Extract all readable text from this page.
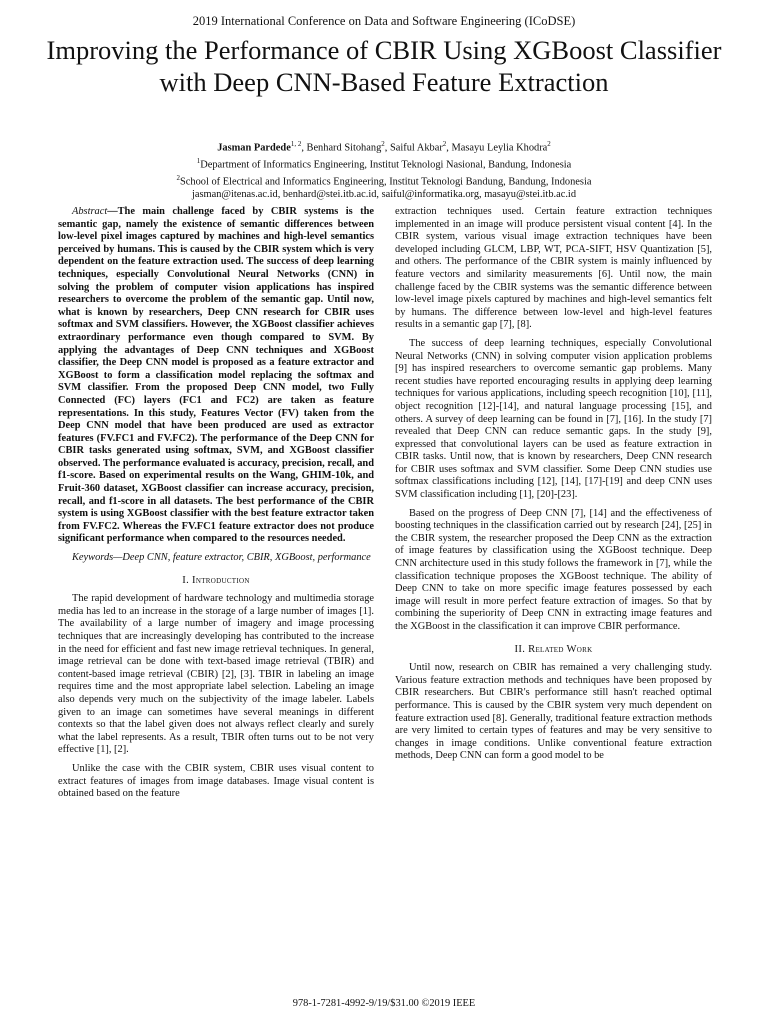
2019 International Conference on Data and Software Engineering (ICoDSE)
Improving the Performance of CBIR Using XGBoost Classifier with Deep CNN-Based Feature Extraction
Jasman Pardede$^{1, 2}$, Benhard Sitohang$^2$, Saiful Akbar$^2$, Masayu Leylia Khodra$^2$
$^1$Department of Informatics Engineering, Institut Teknologi Nasional, Bandung, Indonesia
$^2$School of Electrical and Informatics Engineering, Institut Teknologi Bandung, Bandung, Indonesia
jasman@itenas.ac.id, benhard@stei.itb.ac.id, saiful@informatika.org, masayu@stei.itb.ac.id

Abstract—The main challenge faced by CBIR systems is the semantic gap, namely the existence of semantic differences between low-level pixel images captured by machines and high-level semantics perceived by humans. This is caused by the CBIR system which is very dependent on the feature extraction used. The success of deep learning techniques, especially Convolutional Neural Networks (CNN) in solving the problem of computer vision applications has inspired researchers to overcome the problem of the semantic gap. Until now, what is known by researchers, Deep CNN research for CBIR uses softmax and SVM classifiers. However, the XGBoost classifier achieves extraordinary performance even though compared to SVM. By applying the advantages of Deep CNN techniques and XGBoost classifier, the Deep CNN model is proposed as a feature extractor and XGBoost to form a classification model replacing the softmax and SVM classifier. From the proposed Deep CNN model, two Fully Connected (FC) layers (FC1 and FC2) are taken as feature representations. In this study, Features Vector (FV) taken from the Deep CNN model that have been produced are used as extractor features (FV.FC1 and FV.FC2). The performance of the Deep CNN for CBIR tasks generated using softmax, SVM, and XGBoost classifier observed. The performance evaluated is accuracy, precision, recall, and f1-score. Based on experimental results on the Wang, GHIM-10k, and Fruit-360 dataset, XGBoost classifier can increase accuracy, precision, recall, and f1-score in all datasets. The best performance of the CBIR system is using XGBoost classifier with the best feature extractor taken from FV.FC2. Whereas the FV.FC1 feature extractor does not produce significant performance when compared to the resources needed.

Keywords—Deep CNN, feature extractor, CBIR, XGBoost, performance

I. Introduction

The rapid development of hardware technology and multimedia storage media has led to an increase in the storage of a large number of images [1]. The availability of a large number of imagery and image processing techniques that are increasingly developing has contributed to the increase in the need for efficient and fast new image retrieval techniques. In general, image retrieval can be done with text-based image retrieval (TBIR) and content-based image retrieval (CBIR) [2], [3]. TBIR in labeling an image requires time and the most appropriate label selection. Labeling an image also depends very much on the subjectivity of the image labeler. Labels given to an image can sometimes have several meanings in different contexts so that the label given does not always reflect clearly and surely what the label represents. As a result, TBIR often turns out to be not very effective [1], [2].

Unlike the case with the CBIR system, CBIR uses visual content to extract features of images from image databases. Image visual content is obtained based on the feature

extraction techniques used. Certain feature extraction techniques implemented in an image will produce persistent visual content [4]. In the CBIR system, various visual image extraction techniques have been developed including GLCM, LBP, WT, PCA-SIFT, HSV Quantization [5], and others. The performance of the CBIR system is mainly influenced by feature vectors and similarity measurements [6]. Until now, the main challenge faced by the CBIR systems was the semantic difference between low-level image pixels captured by machines and high-level semantics felt by humans. The difference between low-level and high-level features results in a semantic gap [7], [8].

The success of deep learning techniques, especially Convolutional Neural Networks (CNN) in solving computer vision application problems [9] has inspired researchers to overcome semantic gap problems. Many recent studies have reported encouraging results in applying deep learning techniques for various applications, including speech recognition [10], [11], object recognition [12]-[14], and natural language processing [15], and others. A survey of deep learning can be found in [7], [16]. In the study [7] revealed that Deep CNN can reduce semantic gaps. In the study [9], expressed that convolutional layers can be used as feature extraction in CBIR tasks. Until now, that is known by researchers, Deep CNN research for CBIR uses softmax and SVM classifier. Some Deep CNN studies use softmax classifications including [12], [14], [17]-[19] and deep CNN uses SVM classification including [1], [20]-[23].

Based on the progress of Deep CNN [7], [14] and the effectiveness of boosting techniques in the classification carried out by research [24], [25] in the CBIR system, the researcher proposed the Deep CNN as the extraction of image features by classification using the XGBoost technique. Deep CNN architecture used in this study follows the framework in [7], while the classification technique proposes the XGBoost technique. The ability of Deep CNN to take on more specific image features possessed by each image will result in more perfect feature extraction of images. So that by combining the superiority of Deep CNN in extracting image features and the XGBoost in the classification it can improve CBIR performance.

II. Related Work

Until now, research on CBIR has remained a very challenging study. Various feature extraction methods and techniques have been proposed by CBIR researchers. But CBIR's performance still hasn't reached optimal performance. This is caused by the CBIR system very much dependent on feature extraction used [8]. Generally, traditional feature extraction methods are very limited to certain types of features and may be very sensitive to changes in image conditions. Unlike conventional feature extraction methods, Deep CNN can form a good model to be

978-1-7281-4992-9/19/$31.00 ©2019 IEEE
